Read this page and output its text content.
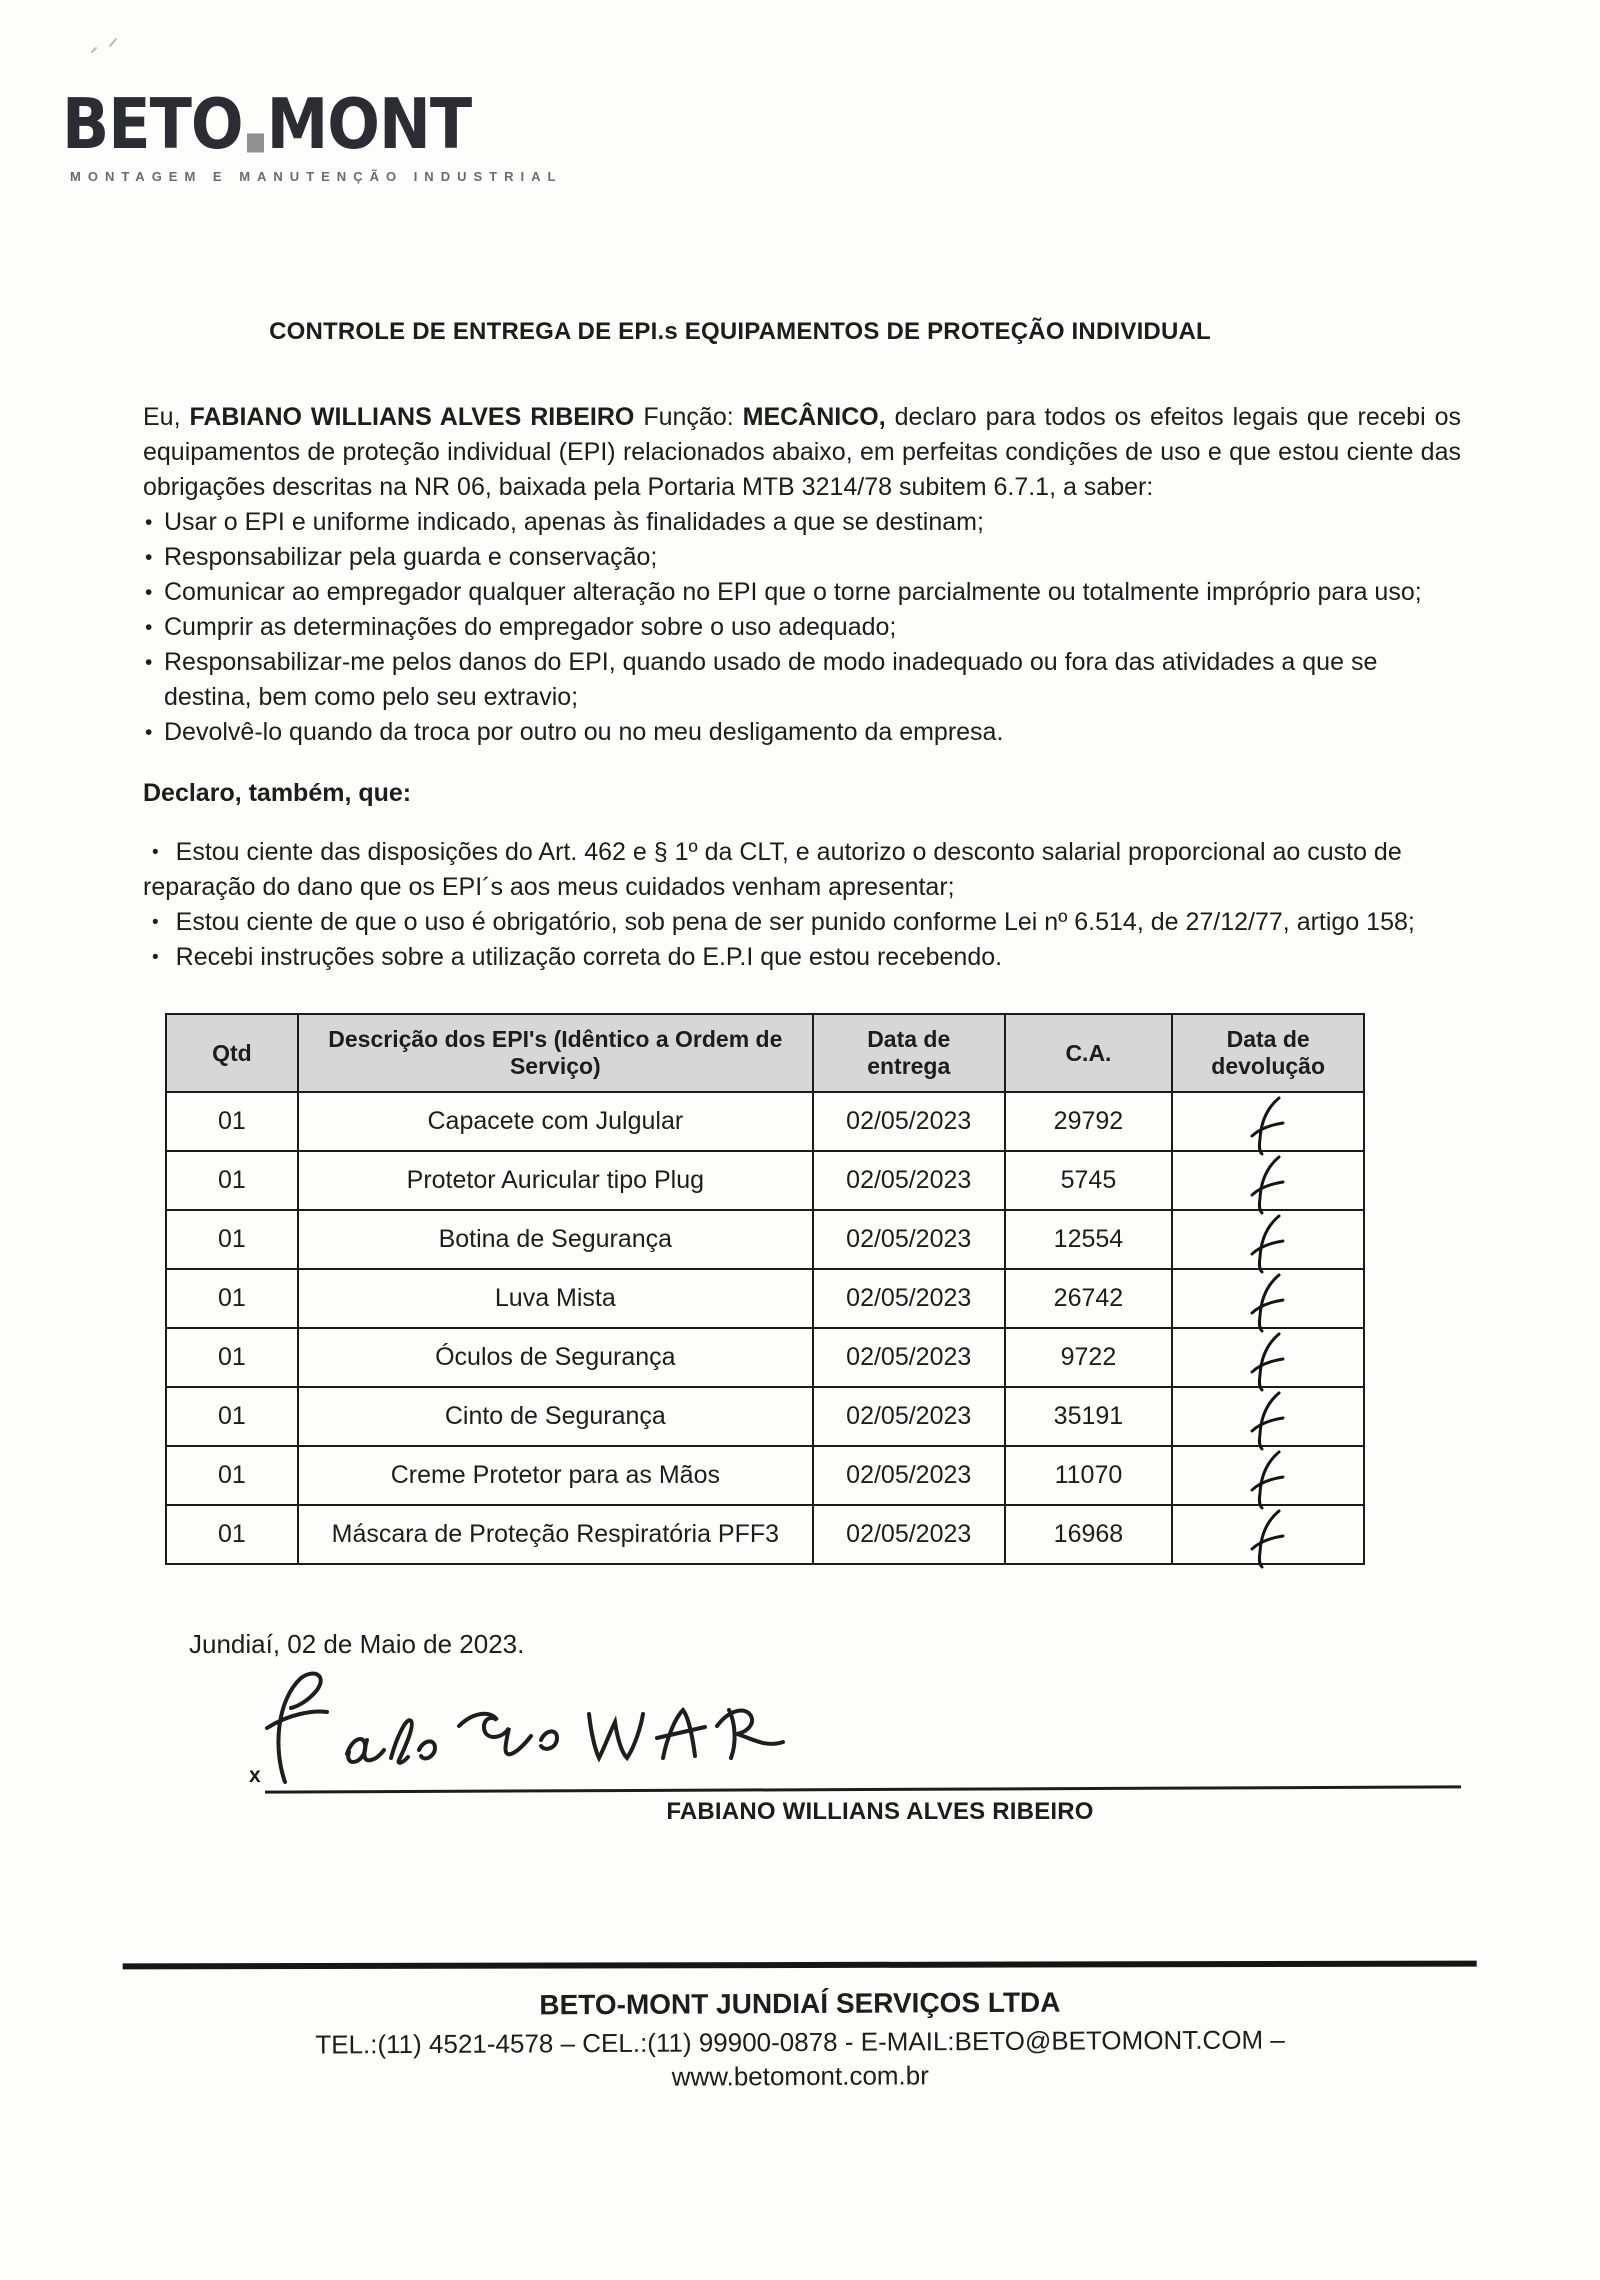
BETO MONT
MONTAGEM E MANUTENÇÃO INDUSTRIAL
CONTROLE DE ENTREGA DE EPI.s EQUIPAMENTOS DE PROTEÇÃO INDIVIDUAL

Eu, FABIANO WILLIANS ALVES RIBEIRO Função: MECÂNICO, declaro para todos os efeitos legais que recebi os equipamentos de proteção individual (EPI) relacionados abaixo, em perfeitas condições de uso e que estou ciente das obrigações descritas na NR 06, baixada pela Portaria MTB 3214/78 subitem 6.7.1, a saber:

• Usar o EPI e uniforme indicado, apenas às finalidades a que se destinam;
• Responsabilizar pela guarda e conservação;
• Comunicar ao empregador qualquer alteração no EPI que o torne parcialmente ou totalmente impróprio para uso;
• Cumprir as determinações do empregador sobre o uso adequado;
• Responsabilizar-me pelos danos do EPI, quando usado de modo inadequado ou fora das atividades a que se destina, bem como pelo seu extravio;
• Devolvê-lo quando da troca por outro ou no meu desligamento da empresa.
Declaro, também, que:
• Estou ciente das disposições do Art. 462 e § 1º da CLT, e autorizo o desconto salarial proporcional ao custo de reparação do dano que os EPI´s aos meus cuidados venham apresentar;
• Estou ciente de que o uso é obrigatório, sob pena de ser punido conforme Lei nº 6.514, de 27/12/77, artigo 158;
• Recebi instruções sobre a utilização correta do E.P.I que estou recebendo.
Qtd	Descrição dos EPI's (Idêntico a Ordem de Serviço)	Data de entrega	C.A.	Data de devolução
01	Capacete com Julgular	02/05/2023	29792	

01	Protetor Auricular tipo Plug	02/05/2023	5745	

01	Botina de Segurança	02/05/2023	12554	

01	Luva Mista	02/05/2023	26742	

01	Óculos de Segurança	02/05/2023	9722	

01	Cinto de Segurança	02/05/2023	35191	

01	Creme Protetor para as Mãos	02/05/2023	11070	

01	Máscara de Proteção Respiratória PFF3	02/05/2023	16968	
Jundiaí, 02 de Maio de 2023.
x
FABIANO WILLIANS ALVES RIBEIRO
BETO-MONT JUNDIAÍ SERVIÇOS LTDA
TEL.:(11) 4521-4578 – CEL.:(11) 99900-0878 - E-MAIL:BETO@BETOMONT.COM –
www.betomont.com.br
